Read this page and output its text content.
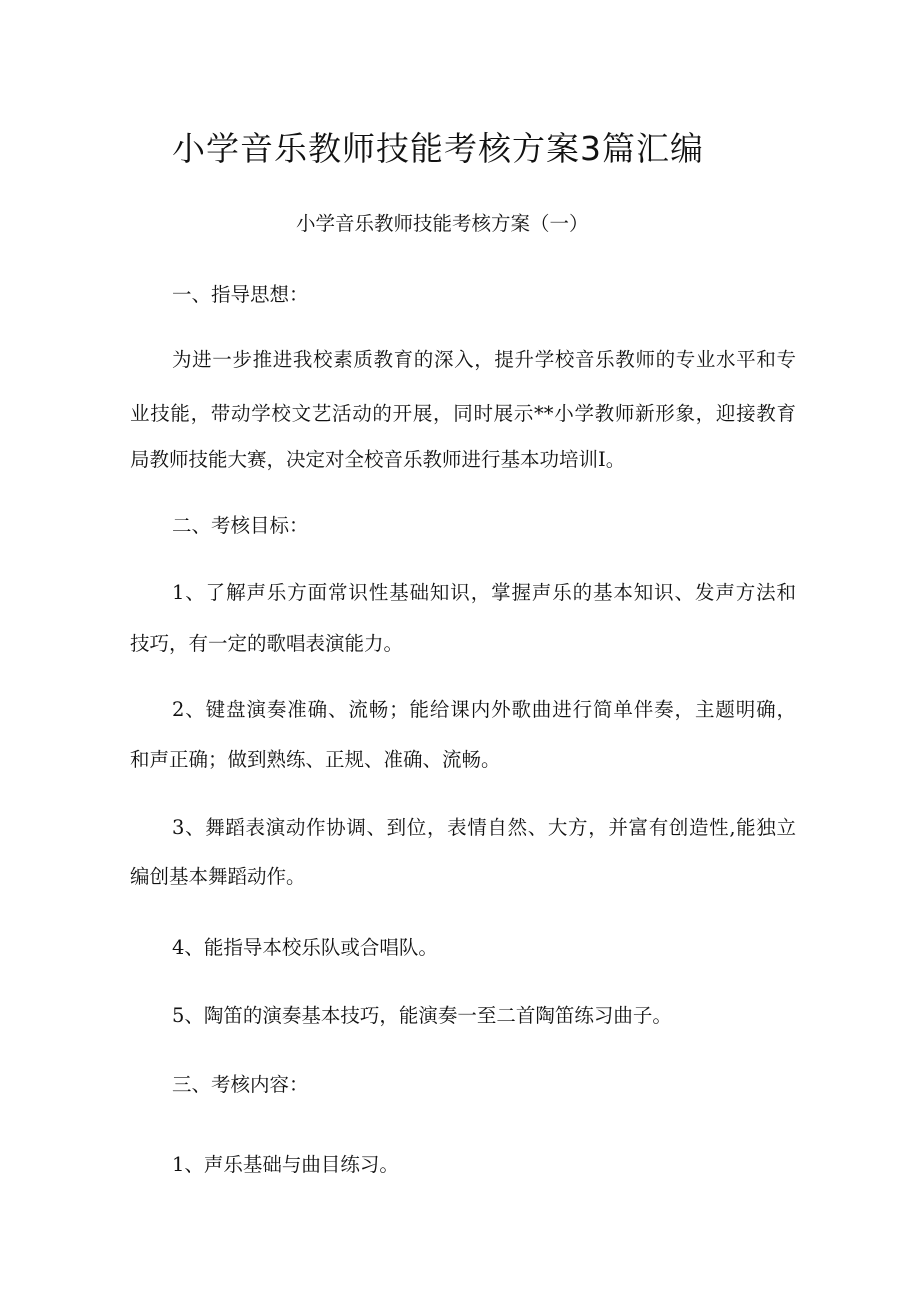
小学音乐教师技能考核方案3篇汇编
小学音乐教师技能考核方案（一）
一、指导思想：
为进一步推进我校素质教育的深入，提升学校音乐教师的专业水平和专
业技能，带动学校文艺活动的开展，同时展示**小学教师新形象，迎接教育
局教师技能大赛，决定对全校音乐教师进行基本功培训I。
二、考核目标：
1、了解声乐方面常识性基础知识，掌握声乐的基本知识、发声方法和
技巧，有一定的歌唱表演能力。
2、键盘演奏准确、流畅；能给课内外歌曲进行简单伴奏，主题明确，
和声正确；做到熟练、正规、准确、流畅。
3、舞蹈表演动作协调、到位，表情自然、大方，并富有创造性,能独立
编创基本舞蹈动作。
4、能指导本校乐队或合唱队。
5、陶笛的演奏基本技巧，能演奏一至二首陶笛练习曲子。
三、考核内容：
1、声乐基础与曲目练习。
